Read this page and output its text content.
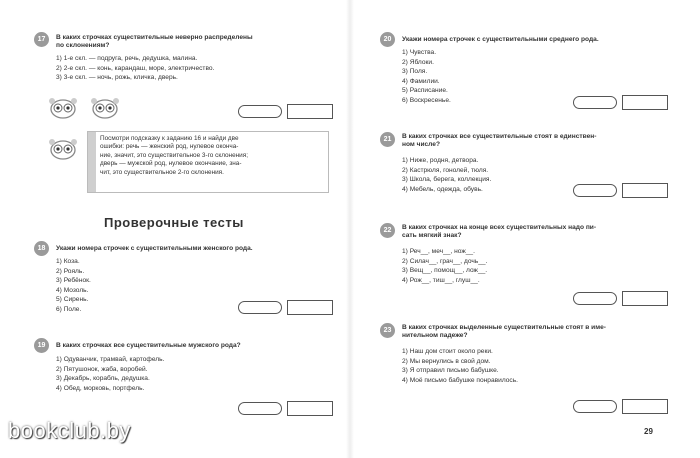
17	В каких строчках существительные неверно распределены
по склонениям?
1) 1-е скл. — подруга, речь, дедушка, малина.
2) 2-е скл. — конь, карандаш, море, электричество.
3) 3-е скл. — ночь, рожь, кличка, дверь.
Посмотри подсказку к заданию 16 и найди две
ошибки: речь — женский род, нулевое оконча-
ние, значит, это существительное 3-го склонения;
дверь — мужской род, нулевое окончание, зна-
чит, это существительное 2-го склонения.
Проверочные тесты
18	Укажи номера строчек с существительными женского рода.
1) Коза.
2) Рояль.
3) Ребёнок.
4) Мозоль.
5) Сирень.
6) Поле.
19	В каких строчках все существительные мужского рода?
1) Одуванчик, трамвай, картофель.
2) Пятушонок, жаба, воробей.
3) Декабрь, корабль, дедушка.
4) Обед, морковь, портфель.
20	Укажи номера строчек с существительными среднего рода.
1) Чувства.
2) Яблоки.
3) Поля.
4) Фамилии.
5) Расписание.
6) Воскресенье.
21	В каких строчках все существительные стоят в единствен-
ном числе?
1) Ниже, родня, детвора.
2) Кастрюля, гонолей, тюля.
3) Школа, берега, коллекция.
4) Мебель, одежда, обувь.
22	В каких строчках на конце всех существительных надо пи-
сать мягкий знак?
1) Реч__, меч__, нож__.
2) Силач__, грач__, дочь__.
3) Вещ__, помощ__, лож__.
4) Рож__, тиш__, глуш__.
23	В каких строчках выделенные существительные стоят в име-
нительном падеже?
1) Наш дом стоит около реки.
2) Мы вернулись в свой дом.
3) Я отправил письмо бабушке.
4) Моё письмо бабушке понравилось.
29
bookclub.by
